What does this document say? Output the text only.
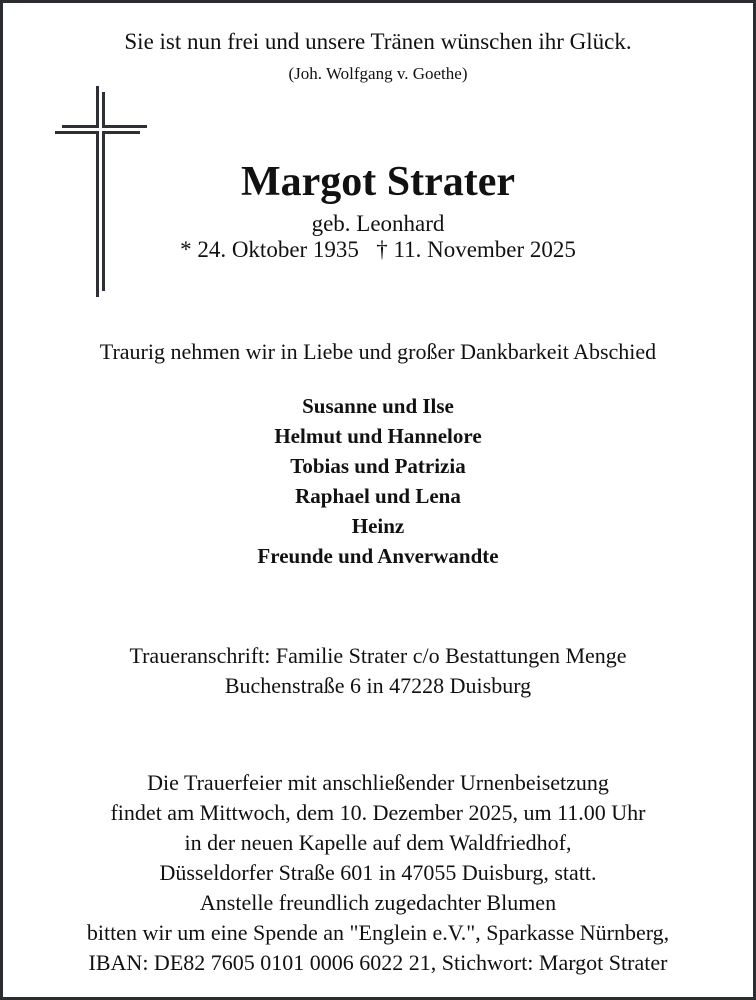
Sie ist nun frei und unsere Tränen wünschen ihr Glück.
(Joh. Wolfgang v. Goethe)
Margot Strater
geb. Leonhard
* 24. Oktober 1935 † 11. November 2025
Traurig nehmen wir in Liebe und großer Dankbarkeit Abschied
Susanne und Ilse
Helmut und Hannelore
Tobias und Patrizia
Raphael und Lena
Heinz
Freunde und Anverwandte
Traueranschrift: Familie Strater c/o Bestattungen Menge
Buchenstraße 6 in 47228 Duisburg
Die Trauerfeier mit anschließender Urnenbeisetzung
findet am Mittwoch, dem 10. Dezember 2025, um 11.00 Uhr
in der neuen Kapelle auf dem Waldfriedhof,
Düsseldorfer Straße 601 in 47055 Duisburg, statt.
Anstelle freundlich zugedachter Blumen
bitten wir um eine Spende an "Englein e.V.", Sparkasse Nürnberg,
IBAN: DE82 7605 0101 0006 6022 21, Stichwort: Margot Strater
